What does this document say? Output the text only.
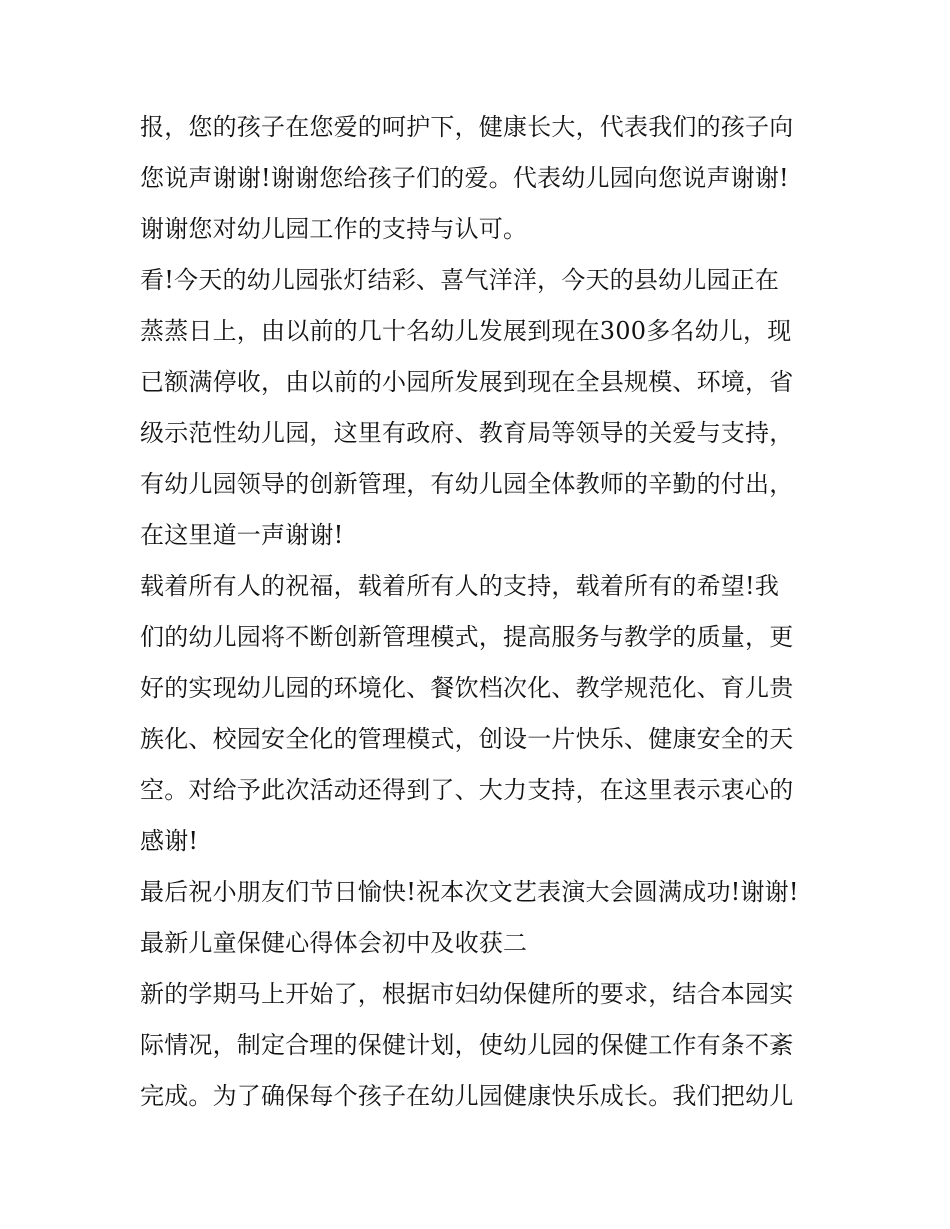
报，您的孩子在您爱的呵护下，健康长大，代表我们的孩子向
您说声谢谢!谢谢您给孩子们的爱。代表幼儿园向您说声谢谢!
谢谢您对幼儿园工作的支持与认可。
看!今天的幼儿园张灯结彩、喜气洋洋，今天的县幼儿园正在
蒸蒸日上，由以前的几十名幼儿发展到现在300多名幼儿，现
已额满停收，由以前的小园所发展到现在全县规模、环境，省
级示范性幼儿园，这里有政府、教育局等领导的关爱与支持，
有幼儿园领导的创新管理，有幼儿园全体教师的辛勤的付出，
在这里道一声谢谢!
载着所有人的祝福，载着所有人的支持，载着所有的希望!我
们的幼儿园将不断创新管理模式，提高服务与教学的质量，更
好的实现幼儿园的环境化、餐饮档次化、教学规范化、育儿贵
族化、校园安全化的管理模式，创设一片快乐、健康安全的天
空。对给予此次活动还得到了、大力支持，在这里表示衷心的
感谢!
最后祝小朋友们节日愉快!祝本次文艺表演大会圆满成功!谢谢!
最新儿童保健心得体会初中及收获二
新的学期马上开始了，根据市妇幼保健所的要求，结合本园实
际情况，制定合理的保健计划，使幼儿园的保健工作有条不紊
完成。为了确保每个孩子在幼儿园健康快乐成长。我们把幼儿
